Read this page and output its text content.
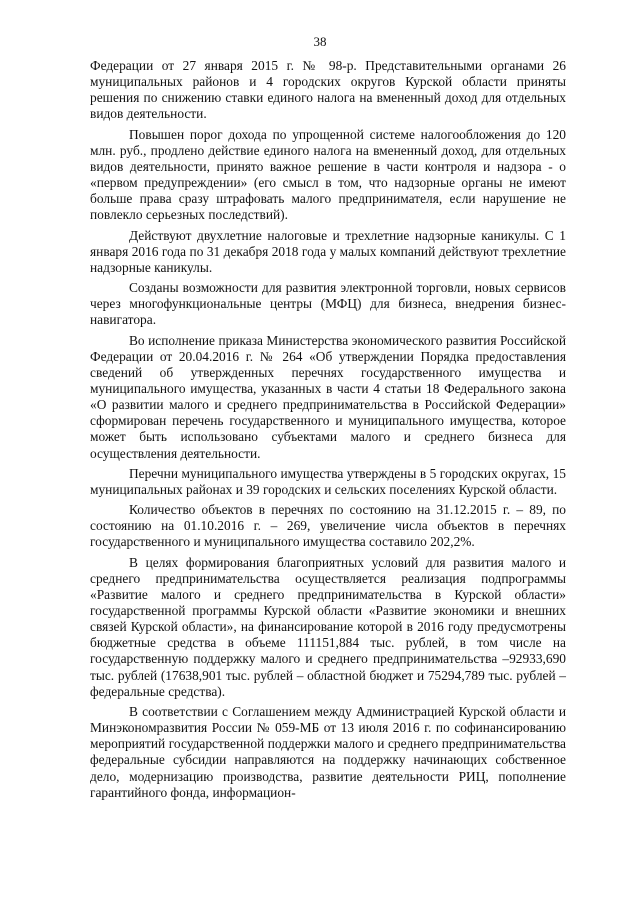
38

Федерации от 27 января 2015 г. № 98-р. Представительными органами 26 муниципальных районов и 4 городских округов Курской области приняты решения по снижению ставки единого налога на вмененный доход для отдельных видов деятельности.

Повышен порог дохода по упрощенной системе налогообложения до 120 млн. руб., продлено действие единого налога на вмененный доход, для отдельных видов деятельности, принято важное решение в части контроля и надзора - о «первом предупреждении» (его смысл в том, что надзорные органы не имеют больше права сразу штрафовать малого предпринимателя, если нарушение не повлекло серьезных последствий).

Действуют двухлетние налоговые и трехлетние надзорные каникулы. С 1 января 2016 года по 31 декабря 2018 года у малых компаний действуют трехлетние надзорные каникулы.

Созданы возможности для развития электронной торговли, новых сервисов через многофункциональные центры (МФЦ) для бизнеса, внедрения бизнес-навигатора.

Во исполнение приказа Министерства экономического развития Российской Федерации от 20.04.2016 г. № 264 «Об утверждении Порядка предоставления сведений об утвержденных перечнях государственного имущества и муниципального имущества, указанных в части 4 статьи 18 Федерального закона «О развитии малого и среднего предпринимательства в Российской Федерации» сформирован перечень государственного и муниципального имущества, которое может быть использовано субъектами малого и среднего бизнеса для осуществления деятельности.

Перечни муниципального имущества утверждены в 5 городских округах, 15 муниципальных районах и 39 городских и сельских поселениях Курской области.

Количество объектов в перечнях по состоянию на 31.12.2015 г. – 89, по состоянию на 01.10.2016 г. – 269, увеличение числа объектов в перечнях государственного и муниципального имущества составило 202,2%.

В целях формирования благоприятных условий для развития малого и среднего предпринимательства осуществляется реализация подпрограммы «Развитие малого и среднего предпринимательства в Курской области» государственной программы Курской области «Развитие экономики и внешних связей Курской области», на финансирование которой в 2016 году предусмотрены бюджетные средства в объеме 111151,884 тыс. рублей, в том числе на государственную поддержку малого и среднего предпринимательства –92933,690 тыс. рублей (17638,901 тыс. рублей – областной бюджет и 75294,789 тыс. рублей – федеральные средства).

В соответствии с Соглашением между Администрацией Курской области и Минэкономразвития России № 059-МБ от 13 июля 2016 г. по софинансированию мероприятий государственной поддержки малого и среднего предпринимательства федеральные субсидии направляются на поддержку начинающих собственное дело, модернизацию производства, развитие деятельности РИЦ, пополнение гарантийного фонда, информацион-
